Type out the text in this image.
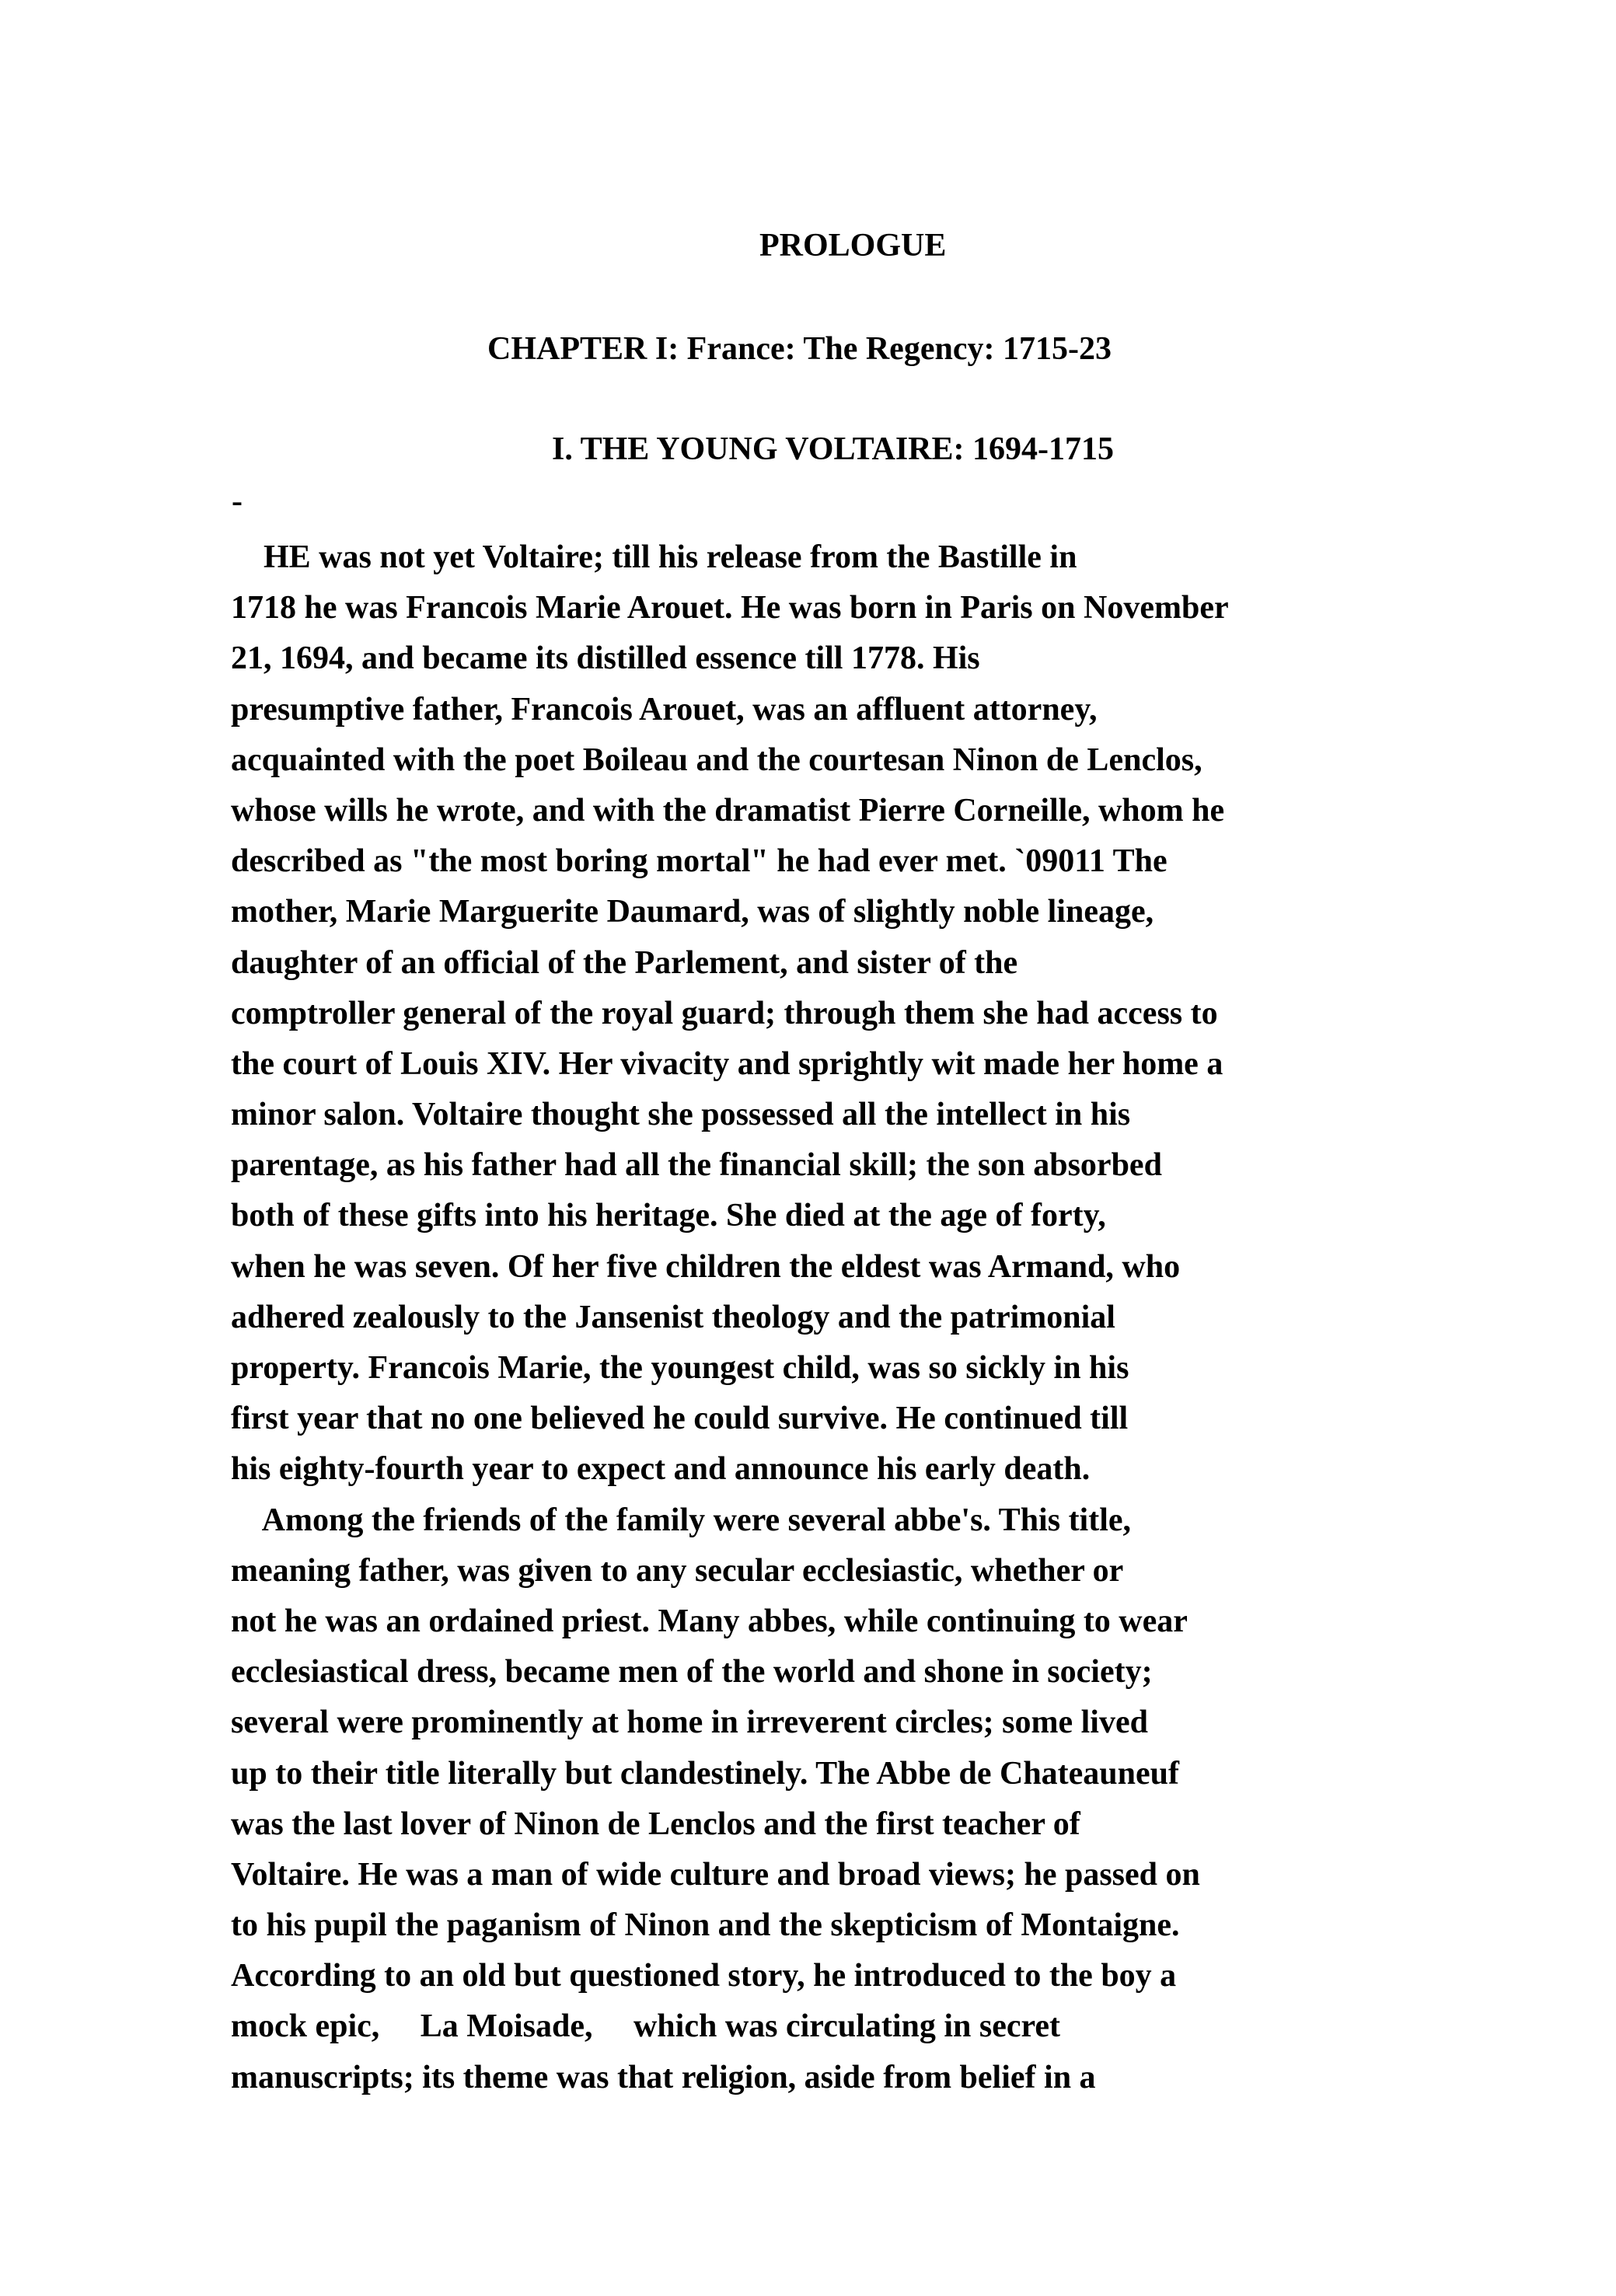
PROLOGUE
CHAPTER I: France: The Regency: 1715-23
I. THE YOUNG VOLTAIRE: 1694-1715
-
HE was not yet Voltaire; till his release from the Bastille in
1718 he was Francois Marie Arouet. He was born in Paris on November
21, 1694, and became its distilled essence till 1778. His
presumptive father, Francois Arouet, was an affluent attorney,
acquainted with the poet Boileau and the courtesan Ninon de Lenclos,
whose wills he wrote, and with the dramatist Pierre Corneille, whom he
described as "the most boring mortal" he had ever met. `09011 The
mother, Marie Marguerite Daumard, was of slightly noble lineage,
daughter of an official of the Parlement, and sister of the
comptroller general of the royal guard; through them she had access to
the court of Louis XIV. Her vivacity and sprightly wit made her home a
minor salon. Voltaire thought she possessed all the intellect in his
parentage, as his father had all the financial skill; the son absorbed
both of these gifts into his heritage. She died at the age of forty,
when he was seven. Of her five children the eldest was Armand, who
adhered zealously to the Jansenist theology and the patrimonial
property. Francois Marie, the youngest child, was so sickly in his
first year that no one believed he could survive. He continued till
his eighty-fourth year to expect and announce his early death.
Among the friends of the family were several abbe's. This title,
meaning father, was given to any secular ecclesiastic, whether or
not he was an ordained priest. Many abbes, while continuing to wear
ecclesiastical dress, became men of the world and shone in society;
several were prominently at home in irreverent circles; some lived
up to their title literally but clandestinely. The Abbe de Chateauneuf
was the last lover of Ninon de Lenclos and the first teacher of
Voltaire. He was a man of wide culture and broad views; he passed on
to his pupil the paganism of Ninon and the skepticism of Montaigne.
According to an old but questioned story, he introduced to the boy a
mock epic,     La Moisade,     which was circulating in secret
manuscripts; its theme was that religion, aside from belief in a
